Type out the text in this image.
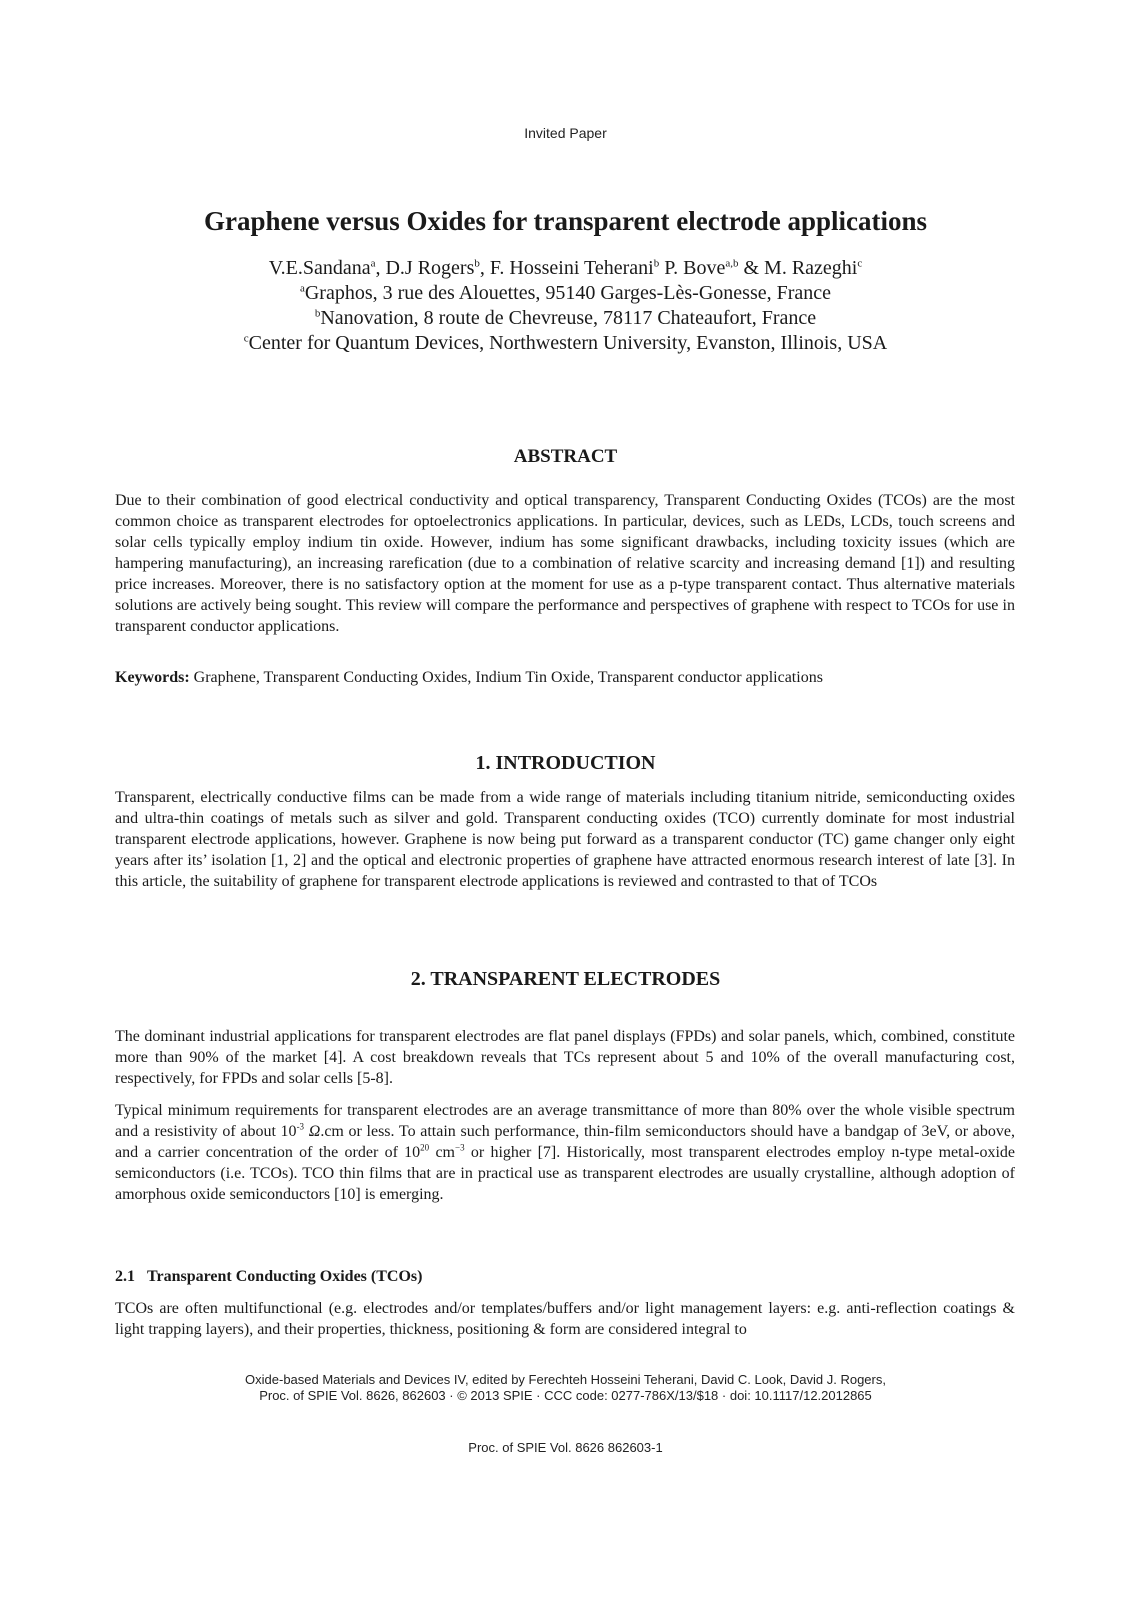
Invited Paper
Graphene versus Oxides for transparent electrode applications
V.E.Sandana$^a$, D.J Rogers$^b$, F. Hosseini Teherani$^b$ P. Bove$^{a,b}$ & M. Razeghi$^c$
$^a$Graphos, 3 rue des Alouettes, 95140 Garges-Lès-Gonesse, France
$^b$Nanovation, 8 route de Chevreuse, 78117 Chateaufort, France
$^c$Center for Quantum Devices, Northwestern University, Evanston, Illinois, USA
ABSTRACT

Due to their combination of good electrical conductivity and optical transparency, Transparent Conducting Oxides (TCOs) are the most common choice as transparent electrodes for optoelectronics applications. In particular, devices, such as LEDs, LCDs, touch screens and solar cells typically employ indium tin oxide. However, indium has some significant drawbacks, including toxicity issues (which are hampering manufacturing), an increasing rarefication (due to a combination of relative scarcity and increasing demand [1]) and resulting price increases. Moreover, there is no satisfactory option at the moment for use as a p-type transparent contact. Thus alternative materials solutions are actively being sought. This review will compare the performance and perspectives of graphene with respect to TCOs for use in transparent conductor applications.

Keywords: Graphene, Transparent Conducting Oxides, Indium Tin Oxide, Transparent conductor applications

1. INTRODUCTION

Transparent, electrically conductive films can be made from a wide range of materials including titanium nitride, semiconducting oxides and ultra-thin coatings of metals such as silver and gold. Transparent conducting oxides (TCO) currently dominate for most industrial transparent electrode applications, however. Graphene is now being put forward as a transparent conductor (TC) game changer only eight years after its’ isolation [1, 2] and the optical and electronic properties of graphene have attracted enormous research interest of late [3]. In this article, the suitability of graphene for transparent electrode applications is reviewed and contrasted to that of TCOs

2. TRANSPARENT ELECTRODES

The dominant industrial applications for transparent electrodes are flat panel displays (FPDs) and solar panels, which, combined, constitute more than 90% of the market [4]. A cost breakdown reveals that TCs represent about 5 and 10% of the overall manufacturing cost, respectively, for FPDs and solar cells [5-8].

Typical minimum requirements for transparent electrodes are an average transmittance of more than 80% over the whole visible spectrum and a resistivity of about $10^{-3}$ Ω.cm or less. To attain such performance, thin-film semiconductors should have a bandgap of 3eV, or above, and a carrier concentration of the order of $10^{20}$ $cm^{-3}$ or higher [7]. Historically, most transparent electrodes employ n-type metal-oxide semiconductors (i.e. TCOs). TCO thin films that are in practical use as transparent electrodes are usually crystalline, although adoption of amorphous oxide semiconductors [10] is emerging.

2.1 Transparent Conducting Oxides (TCOs)

TCOs are often multifunctional (e.g. electrodes and/or templates/buffers and/or light management layers: e.g. anti-reflection coatings & light trapping layers), and their properties, thickness, positioning & form are considered integral to

Oxide-based Materials and Devices IV, edited by Ferechteh Hosseini Teherani, David C. Look, David J. Rogers,
Proc. of SPIE Vol. 8626, 862603 · © 2013 SPIE · CCC code: 0277-786X/13/$18 · doi: 10.1117/12.2012865
Proc. of SPIE Vol. 8626 862603-1
